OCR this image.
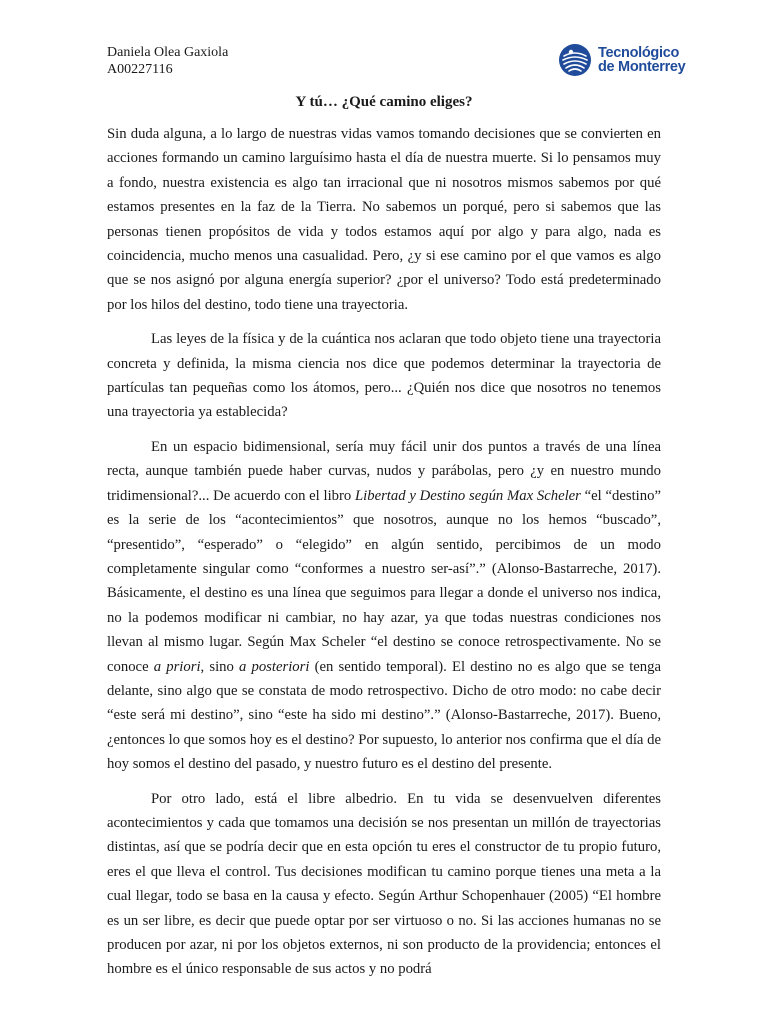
Daniela Olea Gaxiola
A00227116
Tecnológico
de Monterrey
Y tú… ¿Qué camino eliges?

Sin duda alguna, a lo largo de nuestras vidas vamos tomando decisiones que se convierten en acciones formando un camino larguísimo hasta el día de nuestra muerte. Si lo pensamos muy a fondo, nuestra existencia es algo tan irracional que ni nosotros mismos sabemos por qué estamos presentes en la faz de la Tierra. No sabemos un porqué, pero si sabemos que las personas tienen propósitos de vida y todos estamos aquí por algo y para algo, nada es coincidencia, mucho menos una casualidad. Pero, ¿y si ese camino por el que vamos es algo que se nos asignó por alguna energía superior? ¿por el universo? Todo está predeterminado por los hilos del destino, todo tiene una trayectoria.

Las leyes de la física y de la cuántica nos aclaran que todo objeto tiene una trayectoria concreta y definida, la misma ciencia nos dice que podemos determinar la trayectoria de partículas tan pequeñas como los átomos, pero... ¿Quién nos dice que nosotros no tenemos una trayectoria ya establecida?

En un espacio bidimensional, sería muy fácil unir dos puntos a través de una línea recta, aunque también puede haber curvas, nudos y parábolas, pero ¿y en nuestro mundo tridimensional?... De acuerdo con el libro Libertad y Destino según Max Scheler “el “destino” es la serie de los “acontecimientos” que nosotros, aunque no los hemos “buscado”, “presentido”, “esperado” o “elegido” en algún sentido, percibimos de un modo completamente singular como “conformes a nuestro ser-así”.” (Alonso-Bastarreche, 2017). Básicamente, el destino es una línea que seguimos para llegar a donde el universo nos indica, no la podemos modificar ni cambiar, no hay azar, ya que todas nuestras condiciones nos llevan al mismo lugar. Según Max Scheler “el destino se conoce retrospectivamente. No se conoce a priori, sino a posteriori (en sentido temporal). El destino no es algo que se tenga delante, sino algo que se constata de modo retrospectivo. Dicho de otro modo: no cabe decir “este será mi destino”, sino “este ha sido mi destino”.” (Alonso-Bastarreche, 2017). Bueno, ¿entonces lo que somos hoy es el destino? Por supuesto, lo anterior nos confirma que el día de hoy somos el destino del pasado, y nuestro futuro es el destino del presente.

Por otro lado, está el libre albedrio. En tu vida se desenvuelven diferentes acontecimientos y cada que tomamos una decisión se nos presentan un millón de trayectorias distintas, así que se podría decir que en esta opción tu eres el constructor de tu propio futuro, eres el que lleva el control. Tus decisiones modifican tu camino porque tienes una meta a la cual llegar, todo se basa en la causa y efecto. Según Arthur Schopenhauer (2005) “El hombre es un ser libre, es decir que puede optar por ser virtuoso o no. Si las acciones humanas no se producen por azar, ni por los objetos externos, ni son producto de la providencia; entonces el hombre es el único responsable de sus actos y no podrá
